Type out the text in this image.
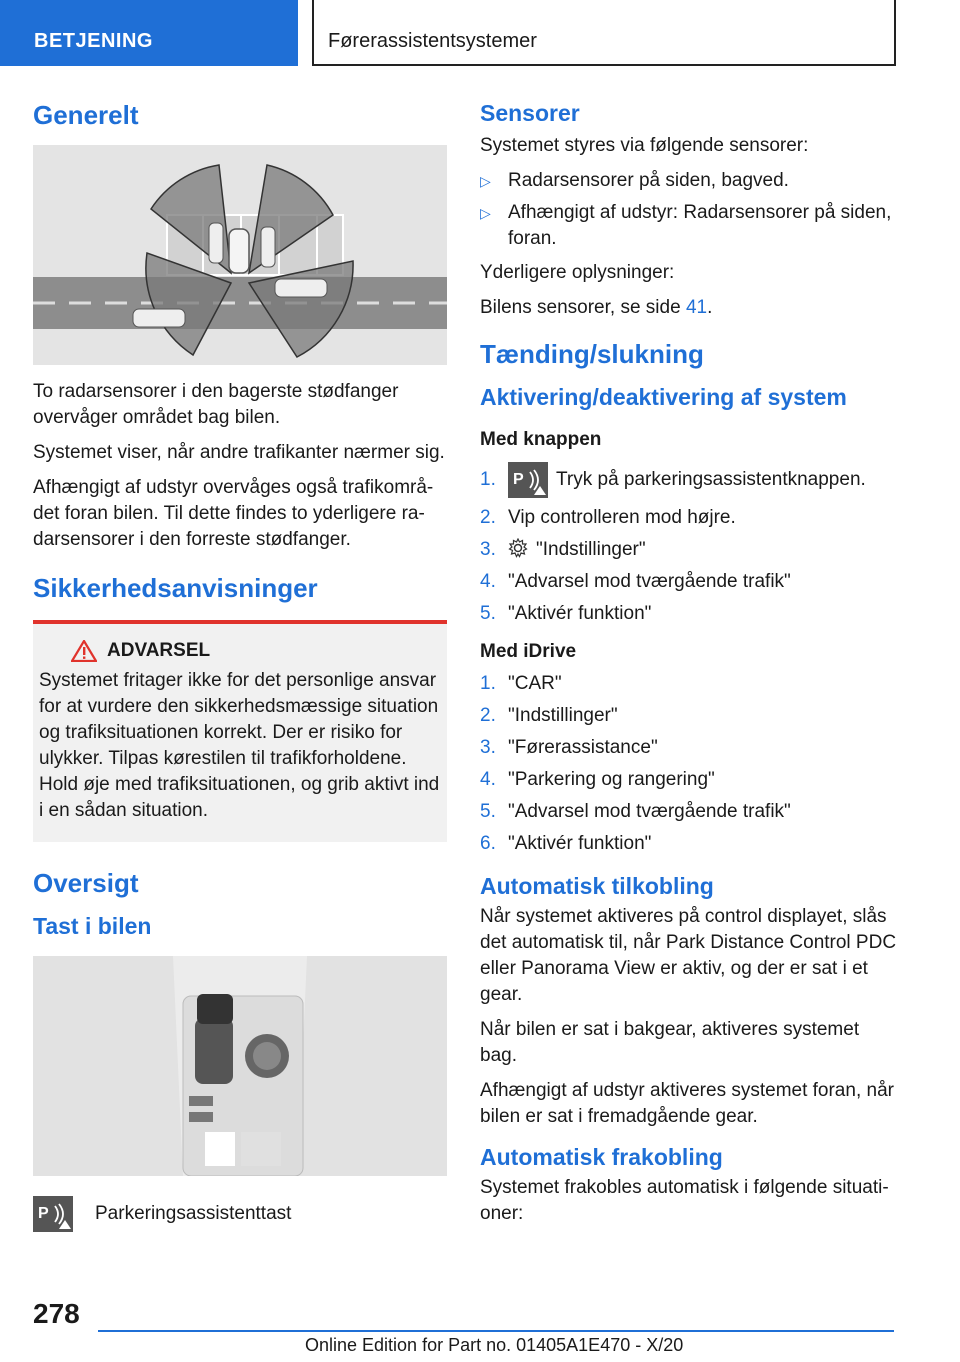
BETJENING	Førerassistentsystemer
Generelt

To radarsensorer i den bagerste stødfanger overvåger området bag bilen.

Systemet viser, når andre trafikanter nærmer sig.

Afhængigt af udstyr overvåges også trafikområ-det foran bilen. Til dette findes to yderligere ra-darsensorer i den forreste stødfanger.

Sikkerhedsanvisninger
ADVARSEL

Systemet fritager ikke for det personlige ansvar for at vurdere den sikkerhedsmæssige situation og trafiksituationen korrekt. Der er risiko for ulykker. Tilpas kørestilen til trafikforholdene. Hold øje med trafiksituationen, og grib aktivt ind i en sådan situation.

Oversigt
Tast i bilen
P Parkeringsassistenttast

Sensorer

Systemet styres via følgende sensorer:

▷ Radarsensorer på siden, bagved.
▷ Afhængigt af udstyr: Radarsensorer på siden, foran.

Yderligere oplysninger:

Bilens sensorer, se side 41.

Tænding/slukning
Aktivering/deaktivering af system
Med knappen
1. P Tryk på parkeringsassistentknappen.
2. Vip controlleren mod højre.
3. "Indstillinger"
4. "Advarsel mod tværgående trafik"
5. "Aktivér funktion"
Med iDrive
1. "CAR"
2. "Indstillinger"
3. "Førerassistance"
4. "Parkering og rangering"
5. "Advarsel mod tværgående trafik"
6. "Aktivér funktion"
Automatisk tilkobling

Når systemet aktiveres på control displayet, slås det automatisk til, når Park Distance Control PDC eller Panorama View er aktiv, og der er sat i et gear.

Når bilen er sat i bakgear, aktiveres systemet bag.

Afhængigt af udstyr aktiveres systemet foran, når bilen er sat i fremadgående gear.

Automatisk frakobling

Systemet frakobles automatisk i følgende situati-oner:

278
Online Edition for Part no. 01405A1E470 - X/20
